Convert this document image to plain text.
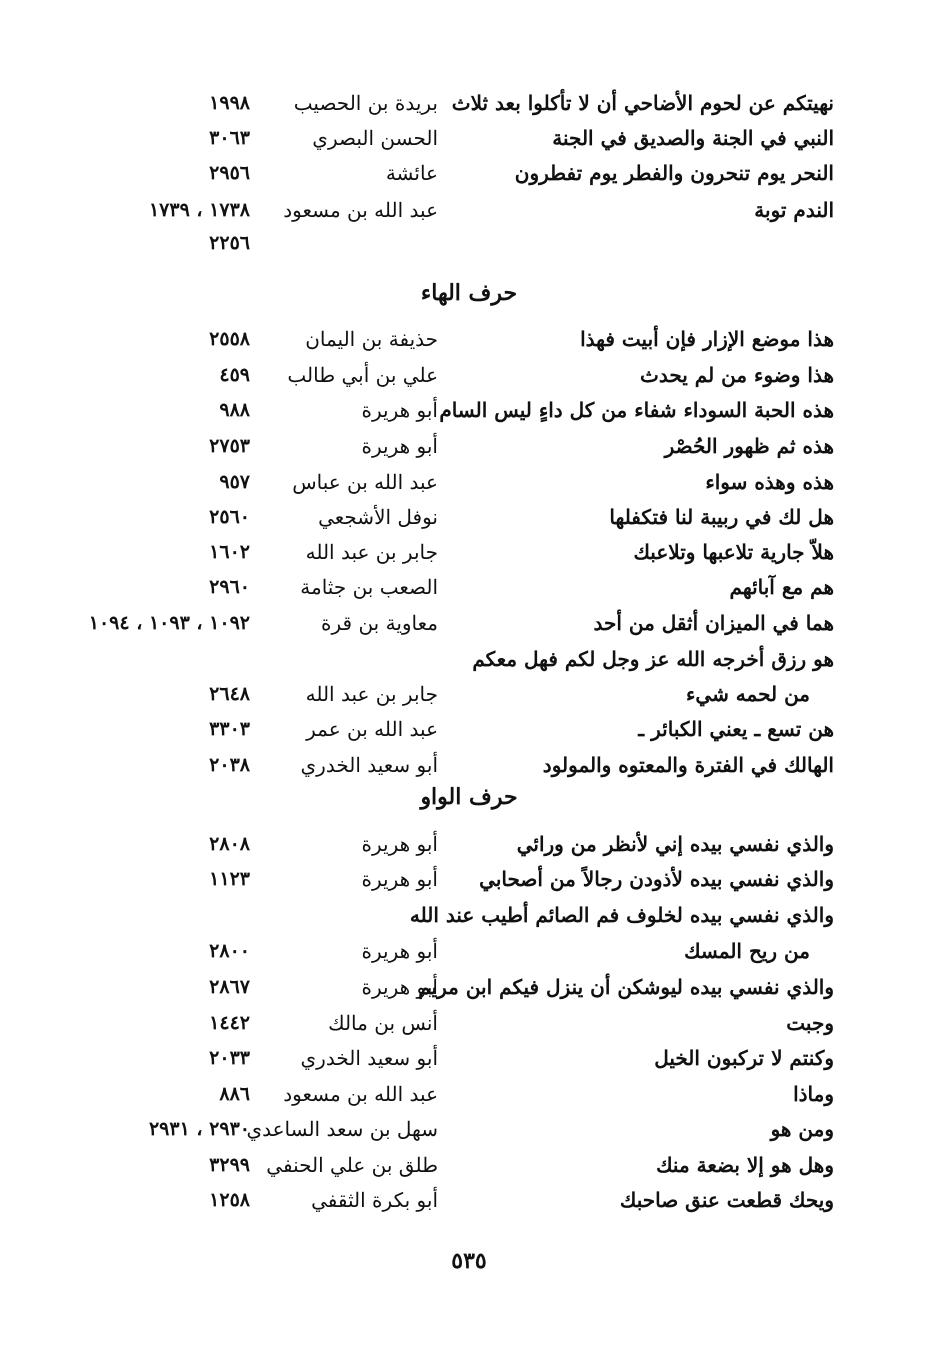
حرف الهاء
حرف الواو
٥٣٥
نهيتكم عن لحوم الأضاحي أن لا تأكلوا بعد ثلاث
بريدة بن الحصيب
١٩٩٨
النبي في الجنة والصديق في الجنة
الحسن البصري
٣٠٦٣
النحر يوم تنحرون والفطر يوم تفطرون
عائشة
٢٩٥٦
الندم توبة
عبد الله بن مسعود
١٧٣٨ ، ١٧٣٩
٢٢٥٦
هذا موضع الإزار فإن أبيت فهذا
حذيفة بن اليمان
٢٥٥٨
هذا وضوء من لم يحدث
علي بن أبي طالب
٤٥٩
هذه الحبة السوداء شفاء من كل داءٍ ليس السام
أبو هريرة
٩٨٨
هذه ثم ظهور الحُصْر
أبو هريرة
٢٧٥٣
هذه وهذه سواء
عبد الله بن عباس
٩٥٧
هل لك في ربيبة لنا فتكفلها
نوفل الأشجعي
٢٥٦٠
هلاّ جارية تلاعبها وتلاعبك
جابر بن عبد الله
١٦٠٢
هم مع آبائهم
الصعب بن جثامة
٢٩٦٠
هما في الميزان أثقل من أحد
معاوية بن قرة
١٠٩٢ ، ١٠٩٣ ، ١٠٩٤
هو رزق أخرجه الله عز وجل لكم فهل معكم
من لحمه شيء
جابر بن عبد الله
٢٦٤٨
هن تسع ـ يعني الكبائر ـ
عبد الله بن عمر
٣٣٠٣
الهالك في الفترة والمعتوه والمولود
أبو سعيد الخدري
٢٠٣٨
والذي نفسي بيده إني لأنظر من ورائي
أبو هريرة
٢٨٠٨
والذي نفسي بيده لأذودن رجالاً من أصحابي
أبو هريرة
١١٢٣
والذي نفسي بيده لخلوف فم الصائم أطيب عند الله
من ريح المسك
أبو هريرة
٢٨٠٠
والذي نفسي بيده ليوشكن أن ينزل فيكم ابن مريم
أبو هريرة
٢٨٦٧
وجبت
أنس بن مالك
١٤٤٢
وكنتم لا تركبون الخيل
أبو سعيد الخدري
٢٠٣٣
وماذا
عبد الله بن مسعود
٨٨٦
ومن هو
سهل بن سعد الساعدي
٢٩٣٠ ، ٢٩٣١
وهل هو إلا بضعة منك
طلق بن علي الحنفي
٣٢٩٩
ويحك قطعت عنق صاحبك
أبو بكرة الثقفي
١٢٥٨
